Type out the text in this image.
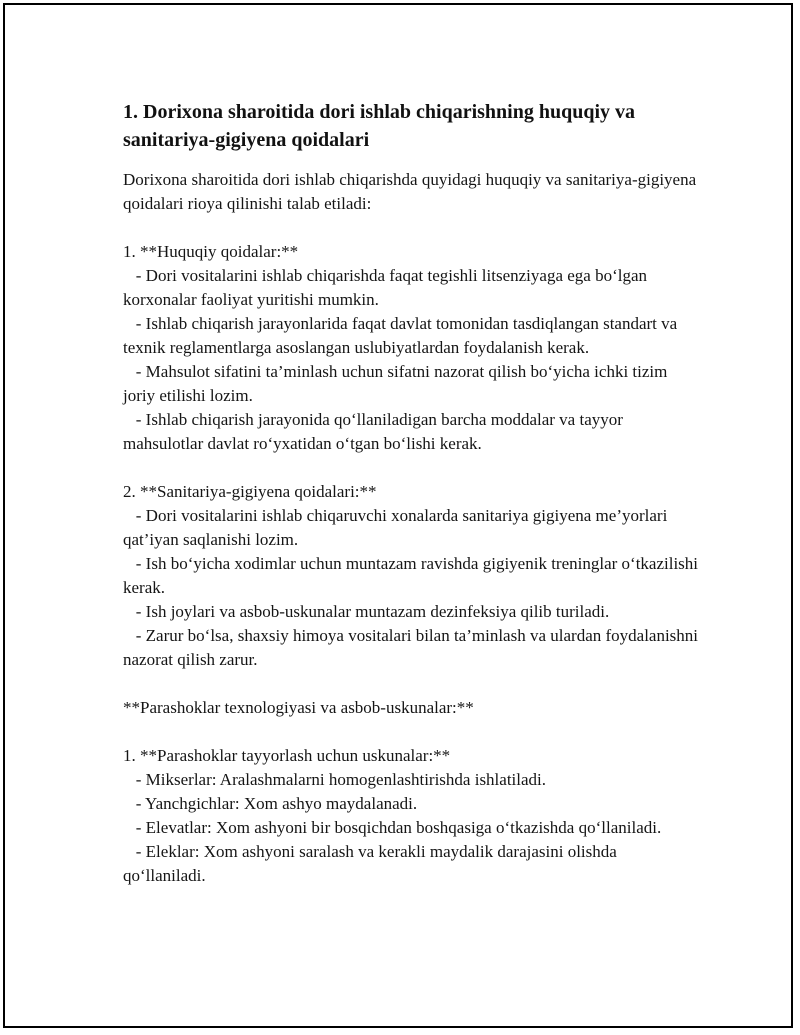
1. Dorixona sharoitida dori ishlab chiqarishning huquqiy va sanitariya-gigiyena qoidalari

Dorixona sharoitida dori ishlab chiqarishda quyidagi huquqiy va sanitariya-gigiyena qoidalari rioya qilinishi talab etiladi:

1. **Huquqiy qoidalar:**

- Dori vositalarini ishlab chiqarishda faqat tegishli litsenziyaga ega bo‘lgan korxonalar faoliyat yuritishi mumkin.

- Ishlab chiqarish jarayonlarida faqat davlat tomonidan tasdiqlangan standart va texnik reglamentlarga asoslangan uslubiyatlardan foydalanish kerak.

- Mahsulot sifatini ta’minlash uchun sifatni nazorat qilish bo‘yicha ichki tizim joriy etilishi lozim.

- Ishlab chiqarish jarayonida qo‘llaniladigan barcha moddalar va tayyor mahsulotlar davlat ro‘yxatidan o‘tgan bo‘lishi kerak.

2. **Sanitariya-gigiyena qoidalari:**

- Dori vositalarini ishlab chiqaruvchi xonalarda sanitariya gigiyena me’yorlari qat’iyan saqlanishi lozim.

- Ish bo‘yicha xodimlar uchun muntazam ravishda gigiyenik treninglar o‘tkazilishi kerak.

- Ish joylari va asbob-uskunalar muntazam dezinfeksiya qilib turiladi.

- Zarur bo‘lsa, shaxsiy himoya vositalari bilan ta’minlash va ulardan foydalanishni nazorat qilish zarur.

**Parashoklar texnologiyasi va asbob-uskunalar:**

1. **Parashoklar tayyorlash uchun uskunalar:**

- Mikserlar: Aralashmalarni homogenlashtirishda ishlatiladi.

- Yanchgichlar: Xom ashyo maydalanadi.

- Elevatlar: Xom ashyoni bir bosqichdan boshqasiga o‘tkazishda qo‘llaniladi.

- Eleklar: Xom ashyoni saralash va kerakli maydalik darajasini olishda qo‘llaniladi.
